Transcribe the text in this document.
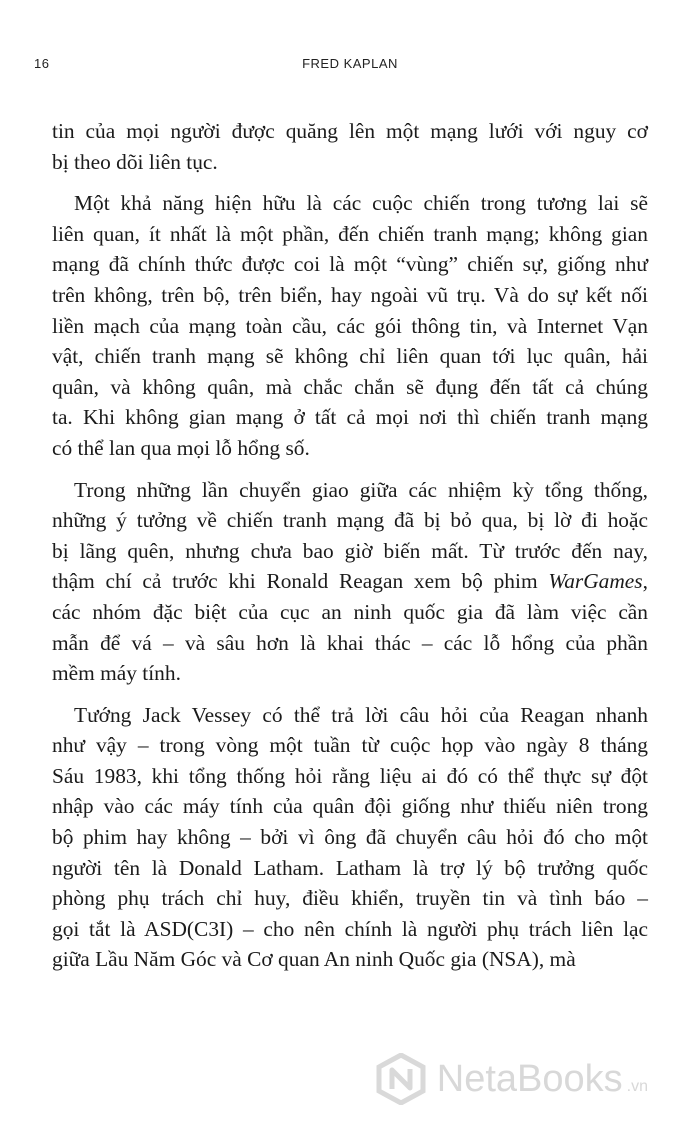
16	FRED KAPLAN
tin của mọi người được quăng lên một mạng lưới với nguy cơ
bị theo dõi liên tục.
Một khả năng hiện hữu là các cuộc chiến trong tương lai sẽ
liên quan, ít nhất là một phần, đến chiến tranh mạng; không gian
mạng đã chính thức được coi là một “vùng” chiến sự, giống như
trên không, trên bộ, trên biển, hay ngoài vũ trụ. Và do sự kết nối
liền mạch của mạng toàn cầu, các gói thông tin, và Internet Vạn
vật, chiến tranh mạng sẽ không chỉ liên quan tới lục quân, hải
quân, và không quân, mà chắc chắn sẽ đụng đến tất cả chúng
ta. Khi không gian mạng ở tất cả mọi nơi thì chiến tranh mạng
có thể lan qua mọi lỗ hổng số.
Trong những lần chuyển giao giữa các nhiệm kỳ tổng thống,
những ý tưởng về chiến tranh mạng đã bị bỏ qua, bị lờ đi hoặc
bị lãng quên, nhưng chưa bao giờ biến mất. Từ trước đến nay,
thậm chí cả trước khi Ronald Reagan xem bộ phim WarGames,
các nhóm đặc biệt của cục an ninh quốc gia đã làm việc cần
mẫn để vá – và sâu hơn là khai thác – các lỗ hổng của phần
mềm máy tính.
Tướng Jack Vessey có thể trả lời câu hỏi của Reagan nhanh
như vậy – trong vòng một tuần từ cuộc họp vào ngày 8 tháng
Sáu 1983, khi tổng thống hỏi rằng liệu ai đó có thể thực sự đột
nhập vào các máy tính của quân đội giống như thiếu niên trong
bộ phim hay không – bởi vì ông đã chuyển câu hỏi đó cho một
người tên là Donald Latham. Latham là trợ lý bộ trưởng quốc
phòng phụ trách chỉ huy, điều khiển, truyền tin và tình báo –
gọi tắt là ASD(C3I) – cho nên chính là người phụ trách liên lạc
giữa Lầu Năm Góc và Cơ quan An ninh Quốc gia (NSA), mà
NetaBooks .vn
